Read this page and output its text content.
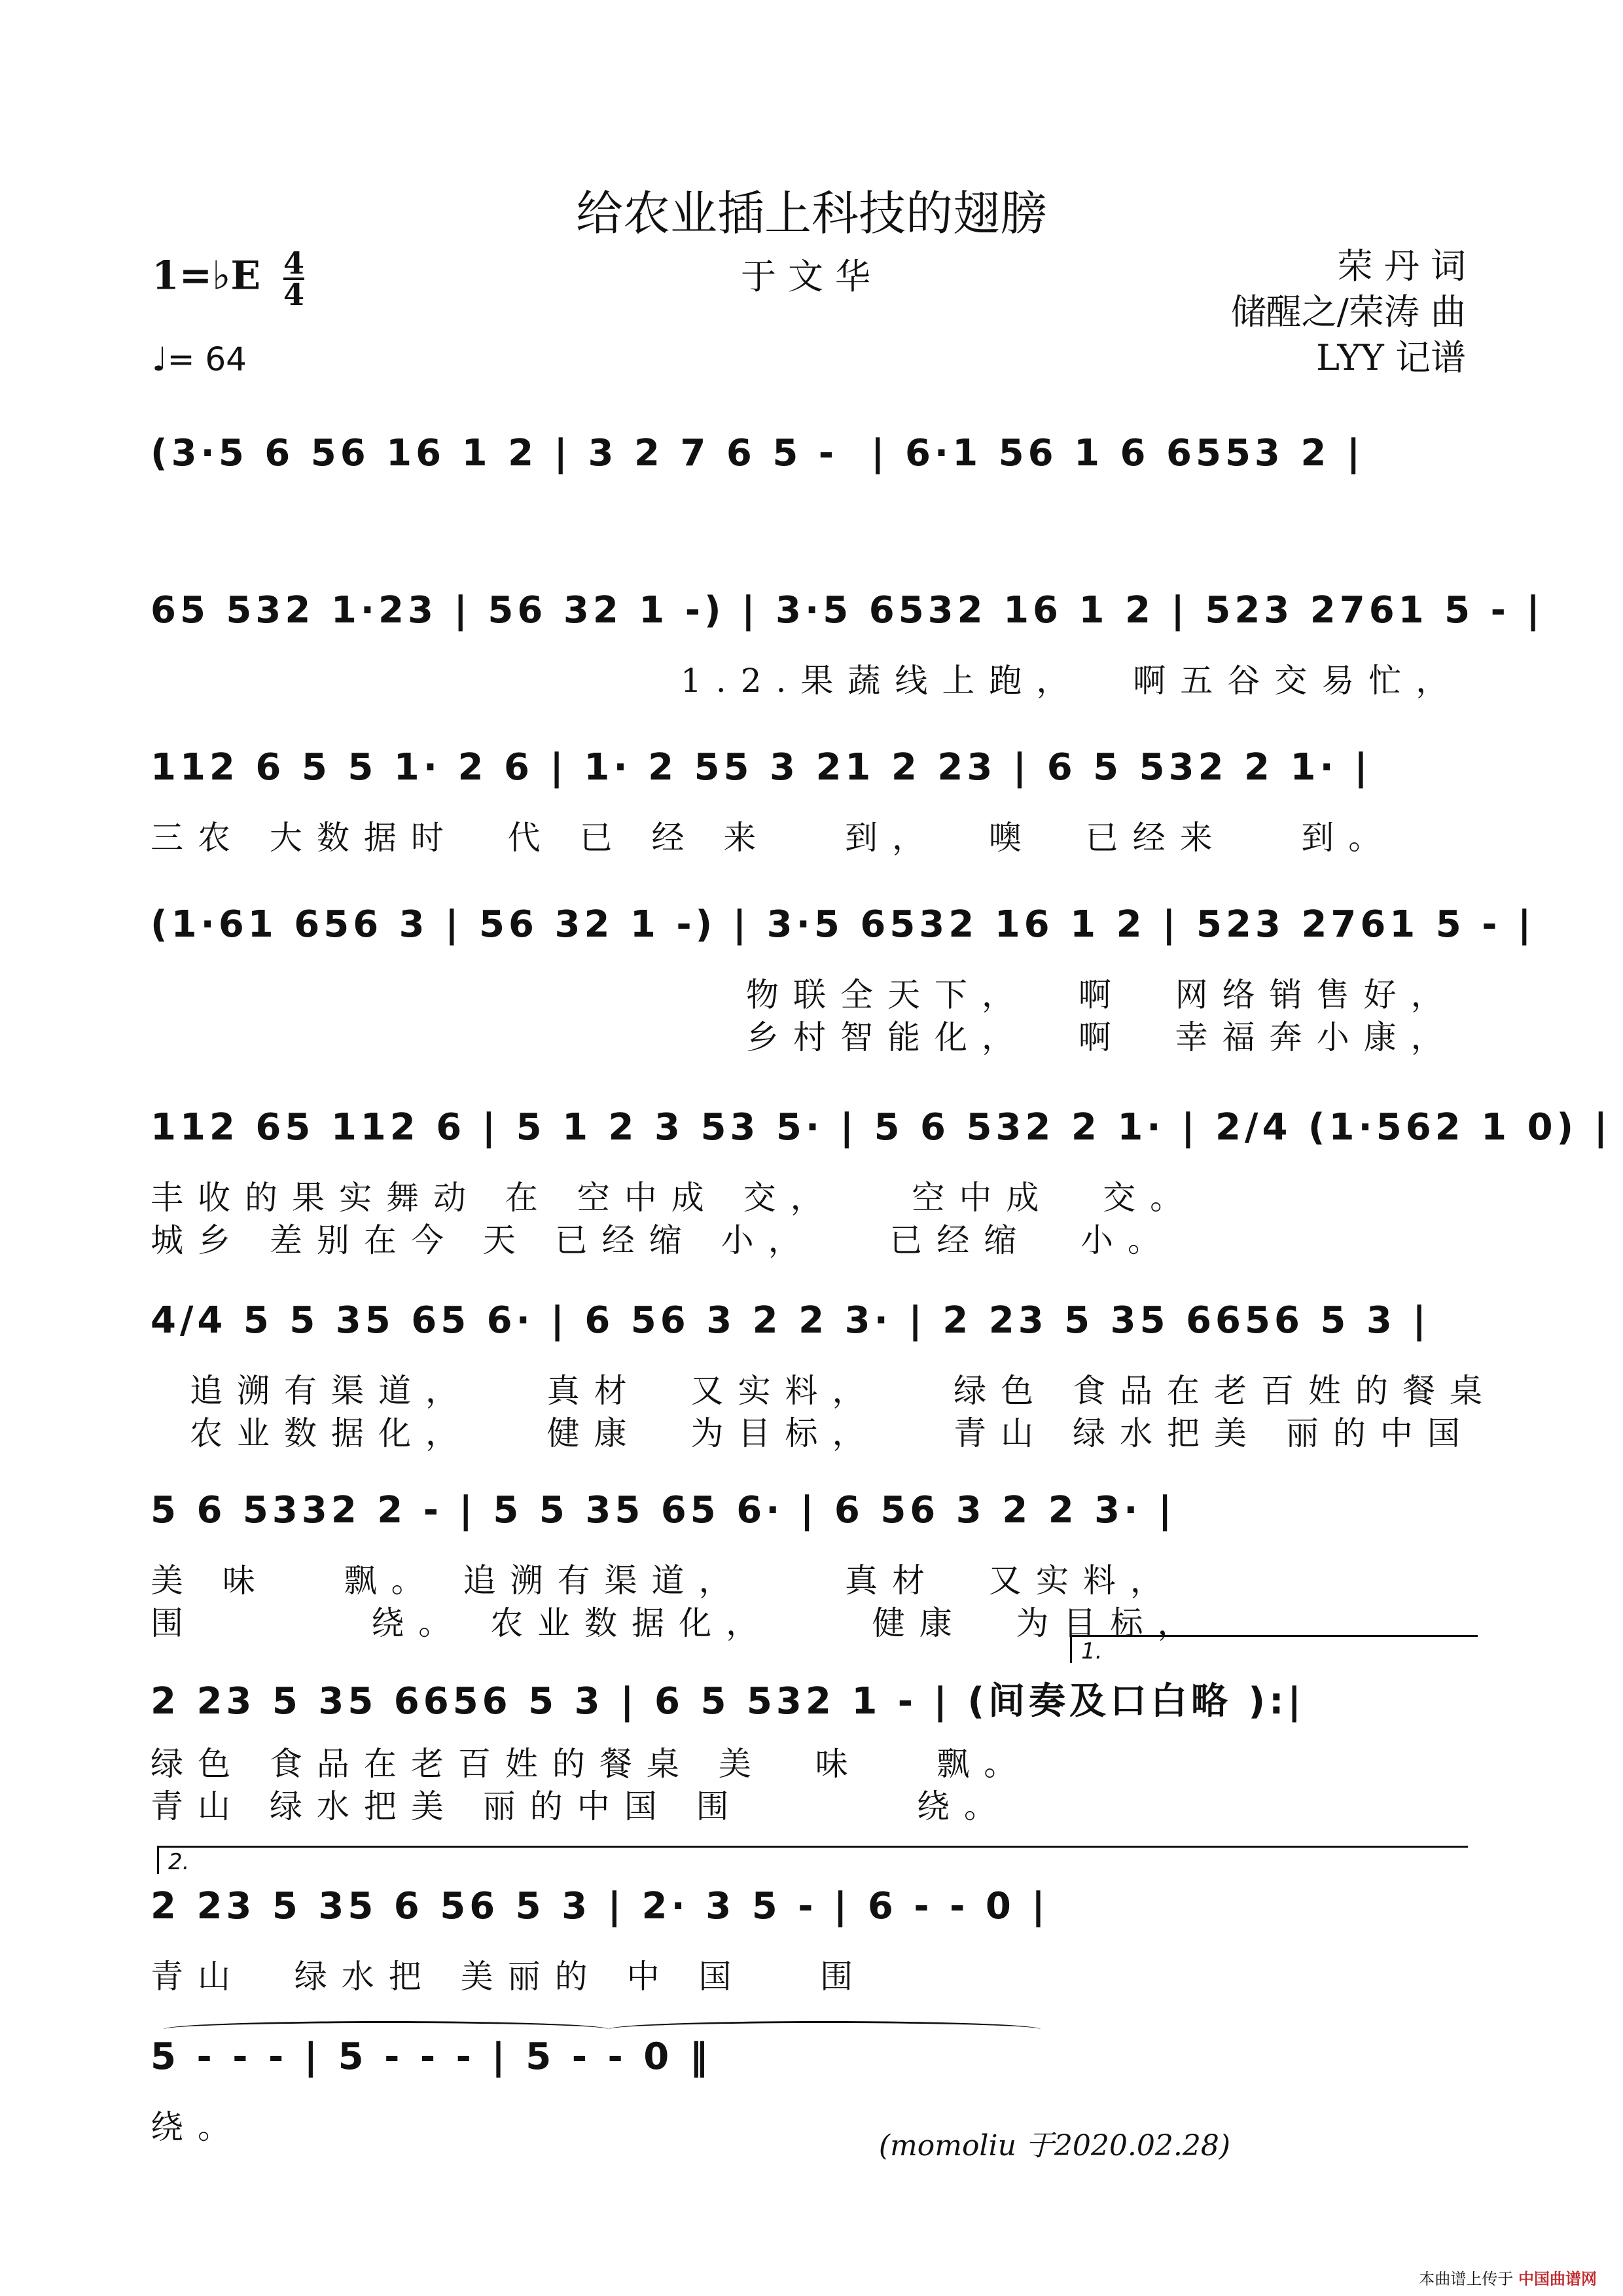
给农业插上科技的翅膀
1=♭E $\frac{4}{4}$
♩= 64
于文华	荣 丹 词
储醒之/荣涛 曲
LYY 记谱
(3·5 6 56 16 1 2 | 3 2 7 6 5 -  | 6·1 56 1 6 6553 2 |
65 532 1·23 | 56 32 1 -) | 3·5 6532 16 1 2 | 523 2761 5 - |
1.2.果蔬线上跑，  啊五谷交易忙，
112 6 5 5 1· 2 6 | 1· 2 55 3 21 2 23 | 6 5 532 2 1· |
三农 大数据时  代 已 经 来   到，  噢  已经来   到。
(1·61 656 3 | 56 32 1 -) | 3·5 6532 16 1 2 | 523 2761 5 - |
物联全天下，  啊  网络销售好，
乡村智能化，  啊  幸福奔小康，
112 65 112 6 | 5 1 2 3 53 5· | 5 6 532 2 1· | 2/4 (1·562 1 0) |
丰收的果实舞动 在 空中成 交，   空中成  交。
城乡 差别在今 天 已经缩 小，   已经缩  小。
4/4 5 5 35 65 6· | 6 56 3 2 2 3· | 2 23 5 35 6656 5 3 |
追溯有渠道，   真材  又实料，   绿色 食品在老百姓的餐桌
农业数据化，   健康  为目标，   青山 绿水把美 丽的中国
5 6 5332 2 - | 5 5 35 65 6· | 6 56 3 2 2 3· |
美 味   飘。 追溯有渠道，    真材  又实料，
围       绕。 农业数据化，    健康  为目标，
1.
2 23 5 35 6656 5 3 | 6 5 532 1 - | (间奏及口白略 ):|
绿色 食品在老百姓的餐桌 美  味   飘。
青山 绿水把美 丽的中国 围       绕。
2.
2 23 5 35 6 56 5 3 | 2· 3 5 - | 6 - - 0 |
青山  绿水把 美丽的 中 国   围
5 - - - | 5 - - - | 5 - - 0 ‖
绕。	(momoliu 于2020.02.28)
本曲谱上传于 中国曲谱网
